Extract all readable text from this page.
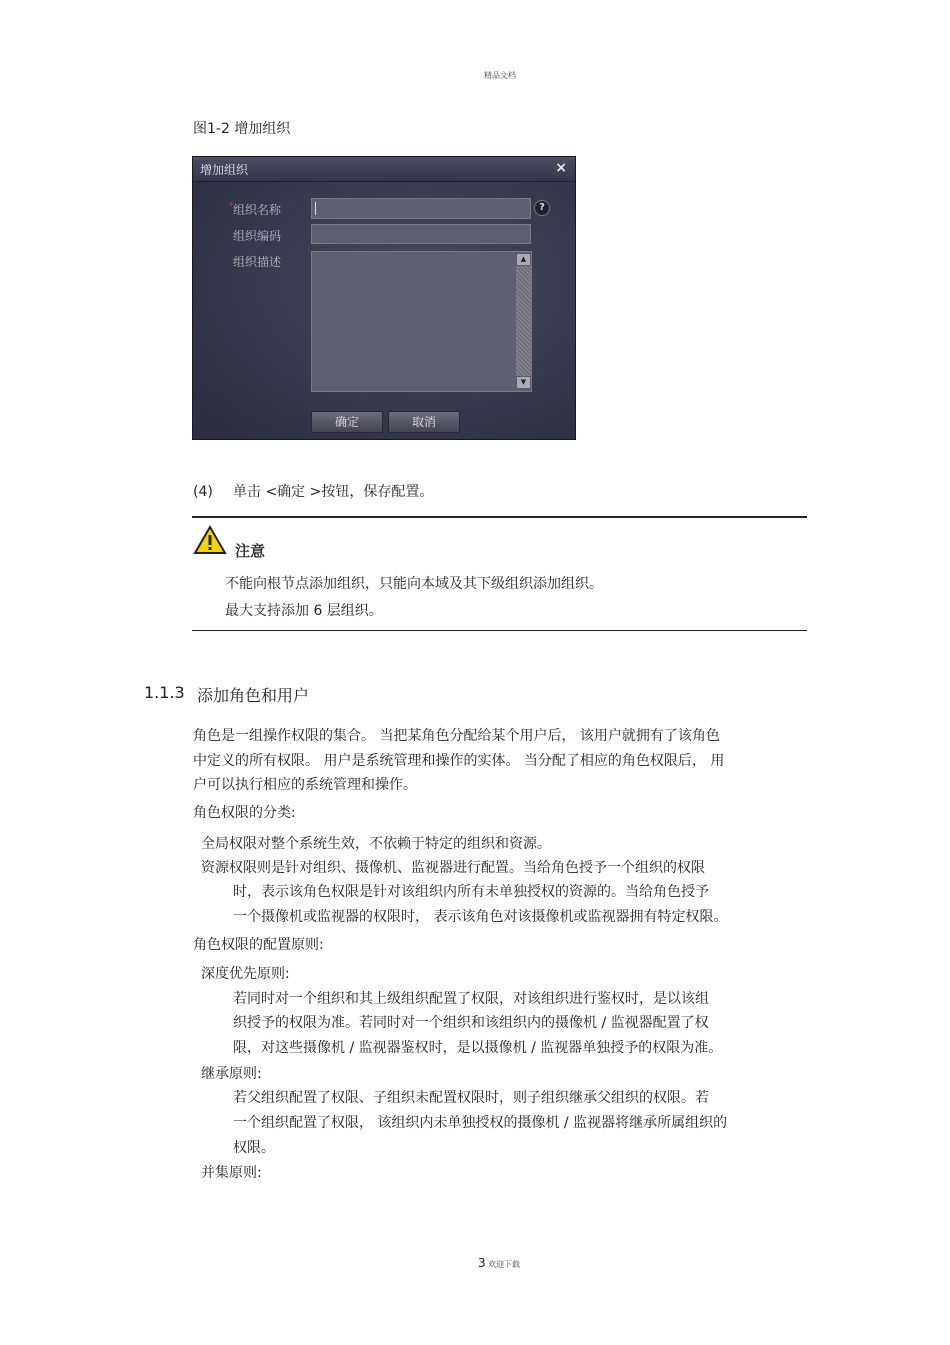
精品文档
图1-2 增加组织
增加组织	×
* 组织名称	?
组织编码
组织描述	▲
▼
确定	取消
(4) 单击 <确定 >按钮，保存配置。
注意
不能向根节点添加组织，只能向本域及其下级组织添加组织。
最大支持添加 6 层组织。
1.1.3 添加角色和用户
角色是一组操作权限的集合。 当把某角色分配给某个用户后， 该用户就拥有了该角色
中定义的所有权限。 用户是系统管理和操作的实体。 当分配了相应的角色权限后， 用
户可以执行相应的系统管理和操作。
角色权限的分类:
全局权限对整个系统生效，不依赖于特定的组织和资源。
资源权限则是针对组织、摄像机、监视器进行配置。当给角色授予一个组织的权限
时，表示该角色权限是针对该组织内所有未单独授权的资源的。当给角色授予
一个摄像机或监视器的权限时， 表示该角色对该摄像机或监视器拥有特定权限。
角色权限的配置原则:
深度优先原则:
若同时对一个组织和其上级组织配置了权限，对该组织进行鉴权时，是以该组
织授予的权限为准。若同时对一个组织和该组织内的摄像机 / 监视器配置了权
限，对这些摄像机 / 监视器鉴权时，是以摄像机 / 监视器单独授予的权限为准。
继承原则:
若父组织配置了权限、子组织未配置权限时，则子组织继承父组织的权限。若
一个组织配置了权限， 该组织内未单独授权的摄像机 / 监视器将继承所属组织的
权限。
并集原则:
3 欢迎下载
